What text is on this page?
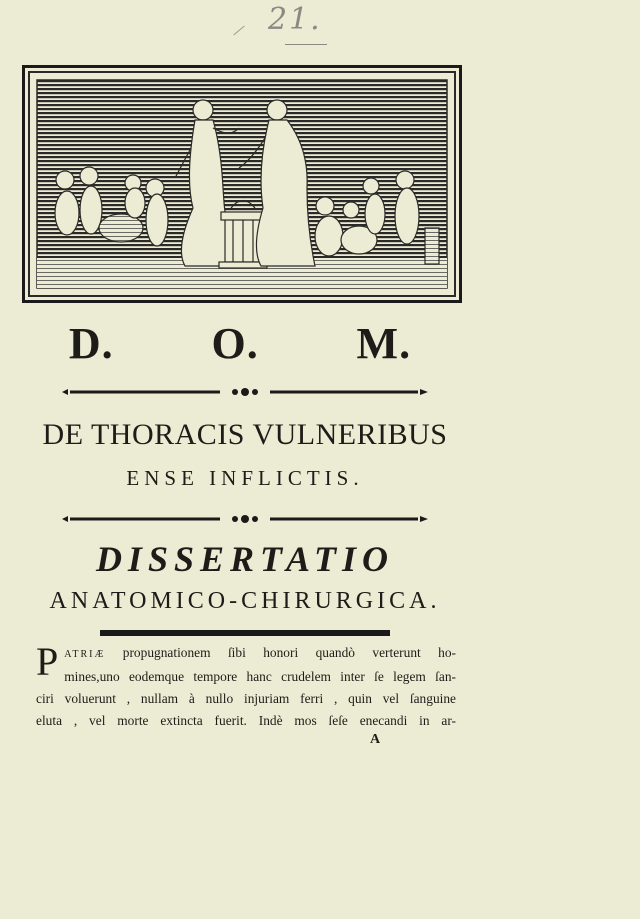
21.
D.	O.	M.
DE THORACIS VULNERIBUS
ENSE INFLICTIS.
DISSERTATIO
ANATOMICO-CHIRURGICA.
P ATRIÆ propugnationem ſibi honori quandò verterunt ho-
mines,uno eodemque tempore hanc crudelem inter ſe legem ſan-
ciri voluerunt , nullam à nullo injuriam ferri , quin vel ſanguine
eluta , vel morte extincta fuerit. Indè mos ſeſe enecandi in ar-
A
